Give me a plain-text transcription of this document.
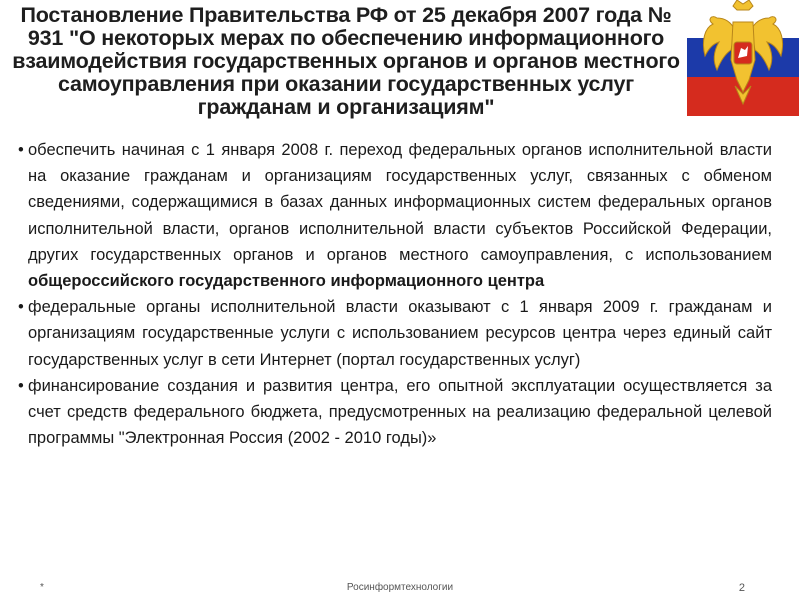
Постановление Правительства РФ от 25 декабря 2007 года № 931 "О некоторых мерах по обеспечению информационного взаимодействия государственных органов и органов местного самоуправления при оказании государственных услуг гражданам и организациям"
• обеспечить начиная с 1 января 2008 г. переход федеральных органов исполнительной власти на оказание гражданам и организациям государственных услуг, связанных с обменом сведениями, содержащимися в базах данных информационных систем федеральных органов исполнительной власти, органов исполнительной власти субъектов Российской Федерации, других государственных органов и органов местного самоуправления, с использованием общероссийского государственного информационного центра
• федеральные органы исполнительной власти оказывают с 1 января 2009 г. гражданам и организациям государственные услуги с использованием ресурсов центра через единый сайт государственных услуг в сети Интернет (портал государственных услуг)
• финансирование создания и развития центра, его опытной эксплуатации осуществляется за счет средств федерального бюджета, предусмотренных на реализацию федеральной целевой программы "Электронная Россия (2002 - 2010 годы)»
*	Росинформтехнологии	2
